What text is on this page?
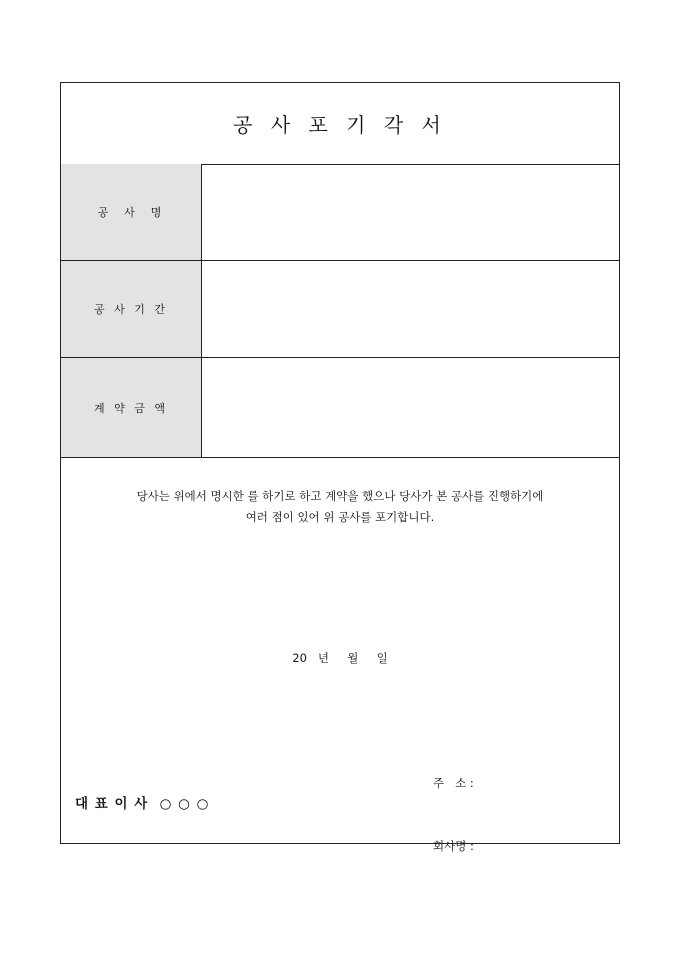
공 사 포 기 각 서
공  사  명
공 사 기 간
계 약 금 액
당사는 위에서 명시한 를 하기로 하고 계약을 했으나 당사가 본 공사를 진행하기에
여러 점이 있어 위 공사를 포기합니다.
20   년     월     일

주   소 :

회사명 :

대 표 이 사  ○ ○ ○
